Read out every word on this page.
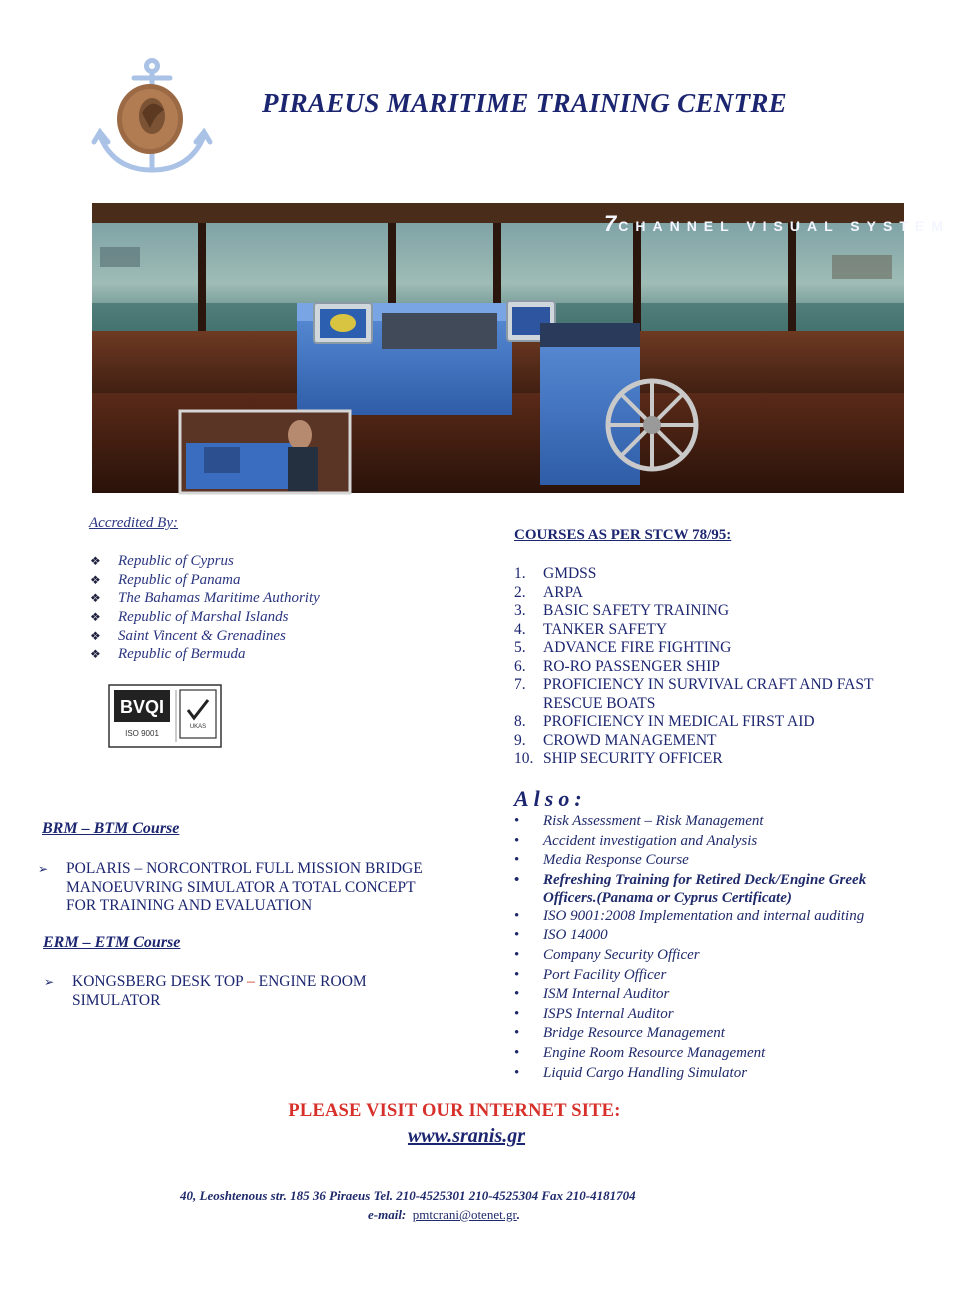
PIRAEUS MARITIME TRAINING CENTRE
7 CHANNEL VISUAL SYSTEM
Accredited By:
❖ Republic of Cyprus
❖ Republic of Panama
❖ The Bahamas Maritime Authority
❖ Republic of Marshal Islands
❖ Saint Vincent & Grenadines
❖ Republic of Bermuda
BVQI
ISO 9001
UKAS
COURSES AS PER STCW 78/95:
1. GMDSS
2. ARPA
3. BASIC SAFETY TRAINING
4. TANKER SAFETY
5. ADVANCE FIRE FIGHTING
6. RO-RO PASSENGER SHIP
7. PROFICIENCY IN SURVIVAL CRAFT AND FAST
RESCUE BOATS
8. PROFICIENCY IN MEDICAL FIRST AID
9. CROWD MANAGEMENT
10. SHIP SECURITY OFFICER
Also:
• Risk Assessment – Risk Management
• Accident investigation and Analysis
• Media Response Course
• Refreshing Training for Retired Deck/Engine Greek
Officers.(Panama or Cyprus Certificate)
• ISO 9001:2008 Implementation and internal auditing
• ISO 14000
• Company Security Officer
• Port Facility Officer
• ISM Internal Auditor
• ISPS Internal Auditor
• Bridge Resource Management
• Engine Room Resource Management
• Liquid Cargo Handling Simulator
BRM – BTM Course
➢ POLARIS – NORCONTROL FULL MISSION BRIDGE
MANOEUVRING SIMULATOR A TOTAL CONCEPT
FOR TRAINING AND EVALUATION
ERM – ETM Course
➢ KONGSBERG DESK TOP – ENGINE ROOM
SIMULATOR
PLEASE VISIT OUR INTERNET SITE:
www.sranis.gr
40, Leoshtenous str. 185 36 Piraeus Tel. 210-4525301 210-4525304 Fax 210-4181704
e-mail: pmtcrani@otenet.gr.
